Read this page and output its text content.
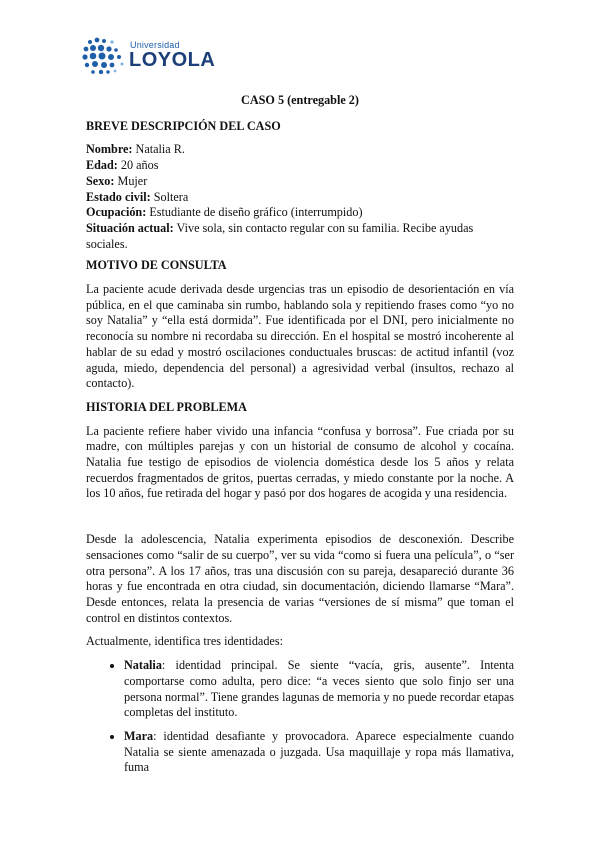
Universidad
LOYOLA
CASO 5 (entregable 2)
BREVE DESCRIPCIÓN DEL CASO
Nombre: Natalia R.
Edad: 20 años
Sexo: Mujer
Estado civil: Soltera
Ocupación: Estudiante de diseño gráfico (interrumpido)
Situación actual: Vive sola, sin contacto regular con su familia. Recibe ayudas sociales.
MOTIVO DE CONSULTA

La paciente acude derivada desde urgencias tras un episodio de desorientación en vía pública, en el que caminaba sin rumbo, hablando sola y repitiendo frases como “yo no soy Natalia” y “ella está dormida”. Fue identificada por el DNI, pero inicialmente no reconocía su nombre ni recordaba su dirección. En el hospital se mostró incoherente al hablar de su edad y mostró oscilaciones conductuales bruscas: de actitud infantil (voz aguda, miedo, dependencia del personal) a agresividad verbal (insultos, rechazo al contacto).

HISTORIA DEL PROBLEMA

La paciente refiere haber vivido una infancia “confusa y borrosa”. Fue criada por su madre, con múltiples parejas y con un historial de consumo de alcohol y cocaína. Natalia fue testigo de episodios de violencia doméstica desde los 5 años y relata recuerdos fragmentados de gritos, puertas cerradas, y miedo constante por la noche. A los 10 años, fue retirada del hogar y pasó por dos hogares de acogida y una residencia.

Desde la adolescencia, Natalia experimenta episodios de desconexión. Describe sensaciones como “salir de su cuerpo”, ver su vida “como si fuera una película”, o “ser otra persona”. A los 17 años, tras una discusión con su pareja, desapareció durante 36 horas y fue encontrada en otra ciudad, sin documentación, diciendo llamarse “Mara”. Desde entonces, relata la presencia de varias “versiones de sí misma” que toman el control en distintos contextos.

Actualmente, identifica tres identidades:

• Natalia: identidad principal. Se siente “vacía, gris, ausente”. Intenta comportarse como adulta, pero dice: “a veces siento que solo finjo ser una persona normal”. Tiene grandes lagunas de memoria y no puede recordar etapas completas del instituto.
• Mara: identidad desafiante y provocadora. Aparece especialmente cuando Natalia se siente amenazada o juzgada. Usa maquillaje y ropa más llamativa, fuma
